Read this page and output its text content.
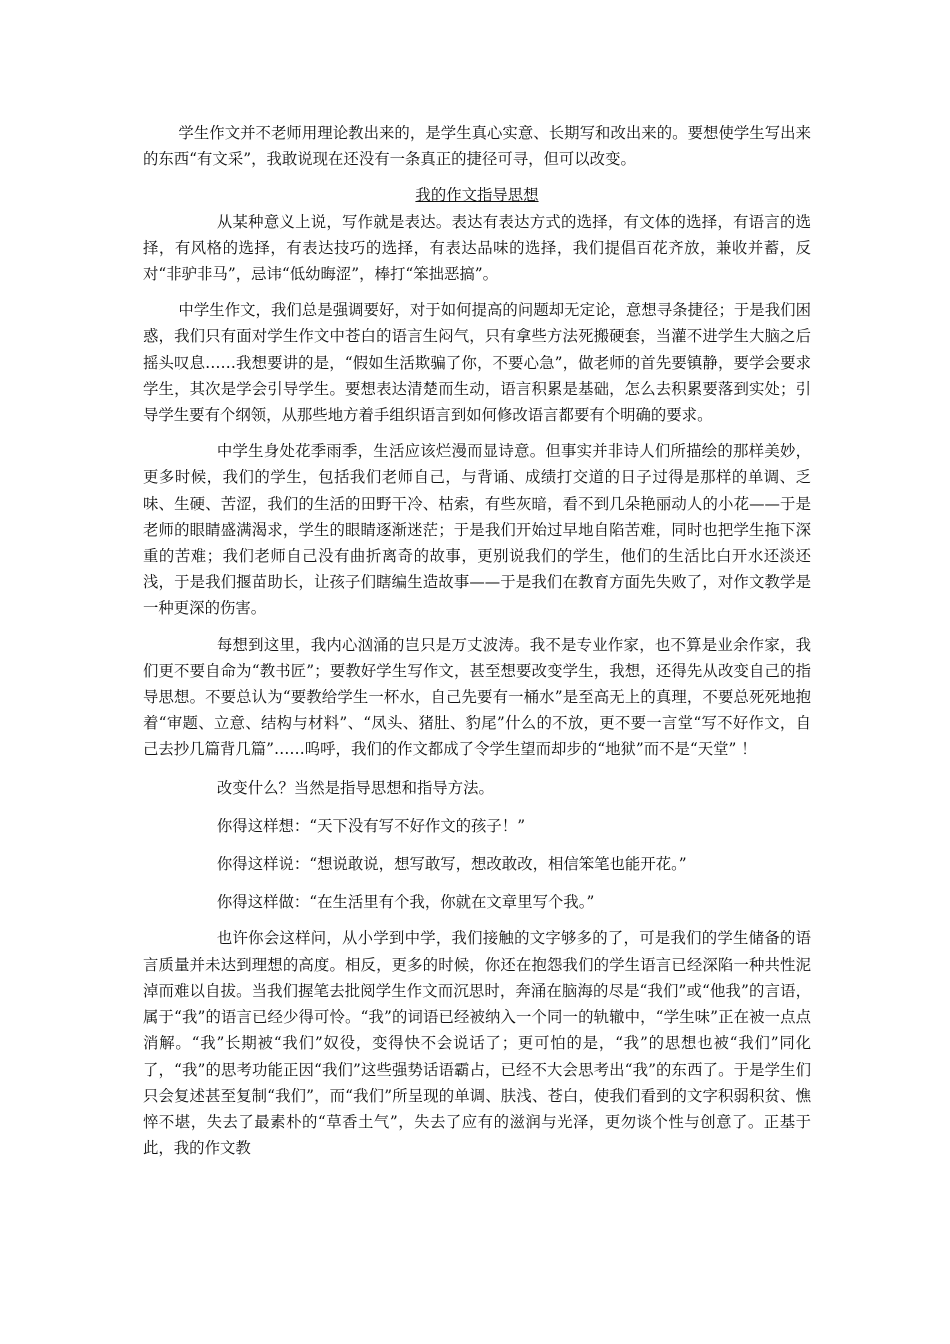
学生作文并不老师用理论教出来的，是学生真心实意、长期写和改出来的。要想使学生写出来的东西“有文采”，我敢说现在还没有一条真正的捷径可寻，但可以改变。

我的作文指导思想

从某种意义上说，写作就是表达。表达有表达方式的选择，有文体的选择，有语言的选择，有风格的选择，有表达技巧的选择，有表达品味的选择，我们提倡百花齐放，兼收并蓄，反对“非驴非马”，忌讳“低幼晦涩”，棒打“笨拙恶搞”。

中学生作文，我们总是强调要好，对于如何提高的问题却无定论，意想寻条捷径；于是我们困惑，我们只有面对学生作文中苍白的语言生闷气，只有拿些方法死搬硬套，当灌不进学生大脑之后摇头叹息……我想要讲的是，“假如生活欺骗了你，不要心急”，做老师的首先要镇静，要学会要求学生，其次是学会引导学生。要想表达清楚而生动，语言积累是基础，怎么去积累要落到实处；引导学生要有个纲领，从那些地方着手组织语言到如何修改语言都要有个明确的要求。

中学生身处花季雨季，生活应该烂漫而显诗意。但事实并非诗人们所描绘的那样美妙，更多时候，我们的学生，包括我们老师自己，与背诵、成绩打交道的日子过得是那样的单调、乏味、生硬、苦涩，我们的生活的田野干冷、枯索，有些灰暗，看不到几朵艳丽动人的小花——于是老师的眼睛盛满渴求，学生的眼睛逐渐迷茫；于是我们开始过早地自陷苦难，同时也把学生拖下深重的苦难；我们老师自己没有曲折离奇的故事，更别说我们的学生，他们的生活比白开水还淡还浅，于是我们揠苗助长，让孩子们瞎编生造故事——于是我们在教育方面先失败了，对作文教学是一种更深的伤害。

每想到这里，我内心汹涌的岂只是万丈波涛。我不是专业作家，也不算是业余作家，我们更不要自命为“教书匠”；要教好学生写作文，甚至想要改变学生，我想，还得先从改变自己的指导思想。不要总认为“要教给学生一杯水，自己先要有一桶水”是至高无上的真理，不要总死死地抱着“审题、立意、结构与材料”、“凤头、猪肚、豹尾”什么的不放，更不要一言堂“写不好作文，自己去抄几篇背几篇”……呜呼，我们的作文都成了令学生望而却步的“地狱”而不是“天堂” ！

改变什么？当然是指导思想和指导方法。

你得这样想：“天下没有写不好作文的孩子！”

你得这样说：“想说敢说，想写敢写，想改敢改，相信笨笔也能开花。”

你得这样做：“在生活里有个我，你就在文章里写个我。”

也许你会这样问，从小学到中学，我们接触的文字够多的了，可是我们的学生储备的语言质量并未达到理想的高度。相反，更多的时候，你还在抱怨我们的学生语言已经深陷一种共性泥淖而难以自拔。当我们握笔去批阅学生作文而沉思时，奔涌在脑海的尽是“我们”或“他我”的言语，属于“我”的语言已经少得可怜。“我”的词语已经被纳入一个同一的轨辙中，“学生味”正在被一点点消解。“我”长期被“我们”奴役，变得快不会说话了；更可怕的是，“我”的思想也被“我们”同化了，“我”的思考功能正因“我们”这些强势话语霸占，已经不大会思考出“我”的东西了。于是学生们只会复述甚至复制“我们”，而“我们”所呈现的单调、肤浅、苍白，使我们看到的文字积弱积贫、憔悴不堪，失去了最素朴的“草香土气”，失去了应有的滋润与光泽，更勿谈个性与创意了。正基于此，我的作文教
